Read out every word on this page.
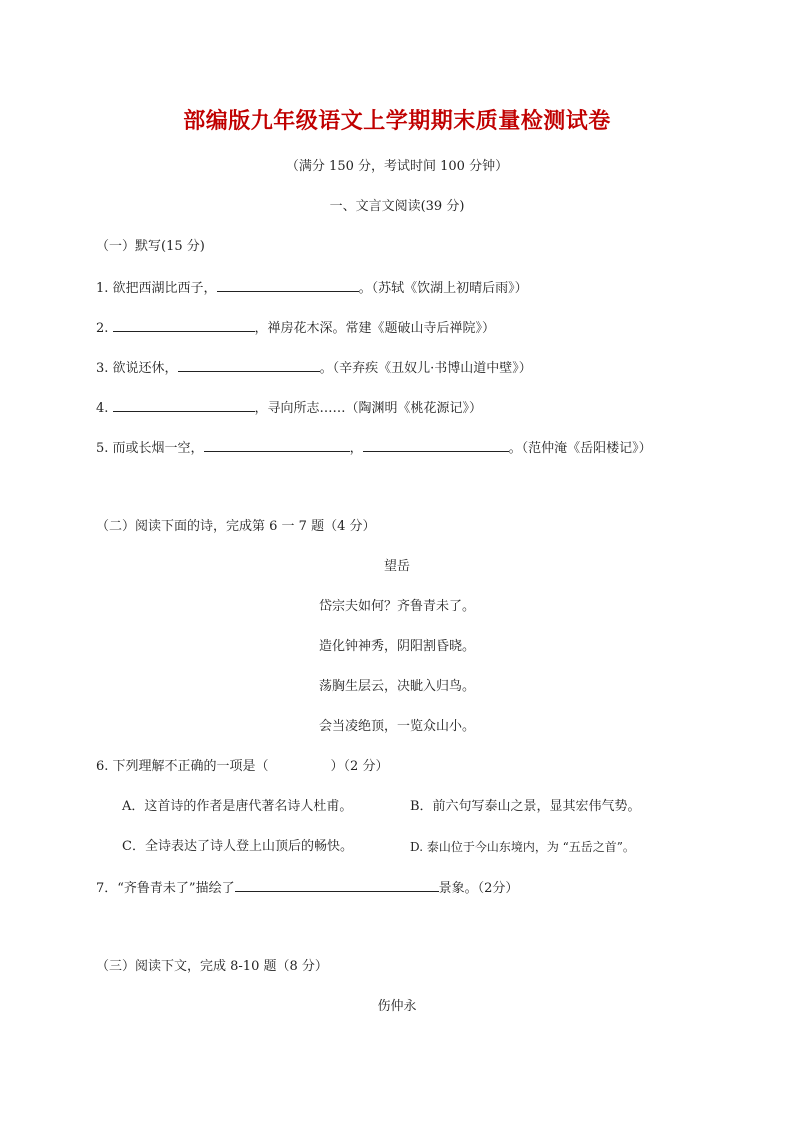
部编版九年级语文上学期期末质量检测试卷
（满分 150 分，考试时间 100 分钟）
一、文言文阅读(39 分)
（一）默写(15 分)
1. 欲把西湖比西子，	。（苏轼《饮湖上初晴后雨》）
2.	，禅房花木深。常建《题破山寺后禅院》）
3. 欲说还休，	。（辛弃疾《丑奴儿·书博山道中壁》）
4.	，寻向所志……（陶渊明《桃花源记》）
5. 而或长烟一空，	，	。（范仲淹《岳阳楼记》）
（二）阅读下面的诗，完成第 6 一 7 题（4 分）
望岳
岱宗夫如何？齐鲁青未了。
造化钟神秀，阴阳割昏晓。
荡胸生层云，决眦入归鸟。
会当凌绝顶，一览众山小。
6. 下列理解不正确的一项是（	）（2 分）
A．这首诗的作者是唐代著名诗人杜甫。	B．前六句写泰山之景，显其宏伟气势。
C．全诗表达了诗人登上山顶后的畅快。	D. 泰山位于今山东境内，为 “五岳之首”。
7．“齐鲁青未了”描绘了	景象。（2分）
（三）阅读下文，完成 8-10 题（8 分）
伤仲永
